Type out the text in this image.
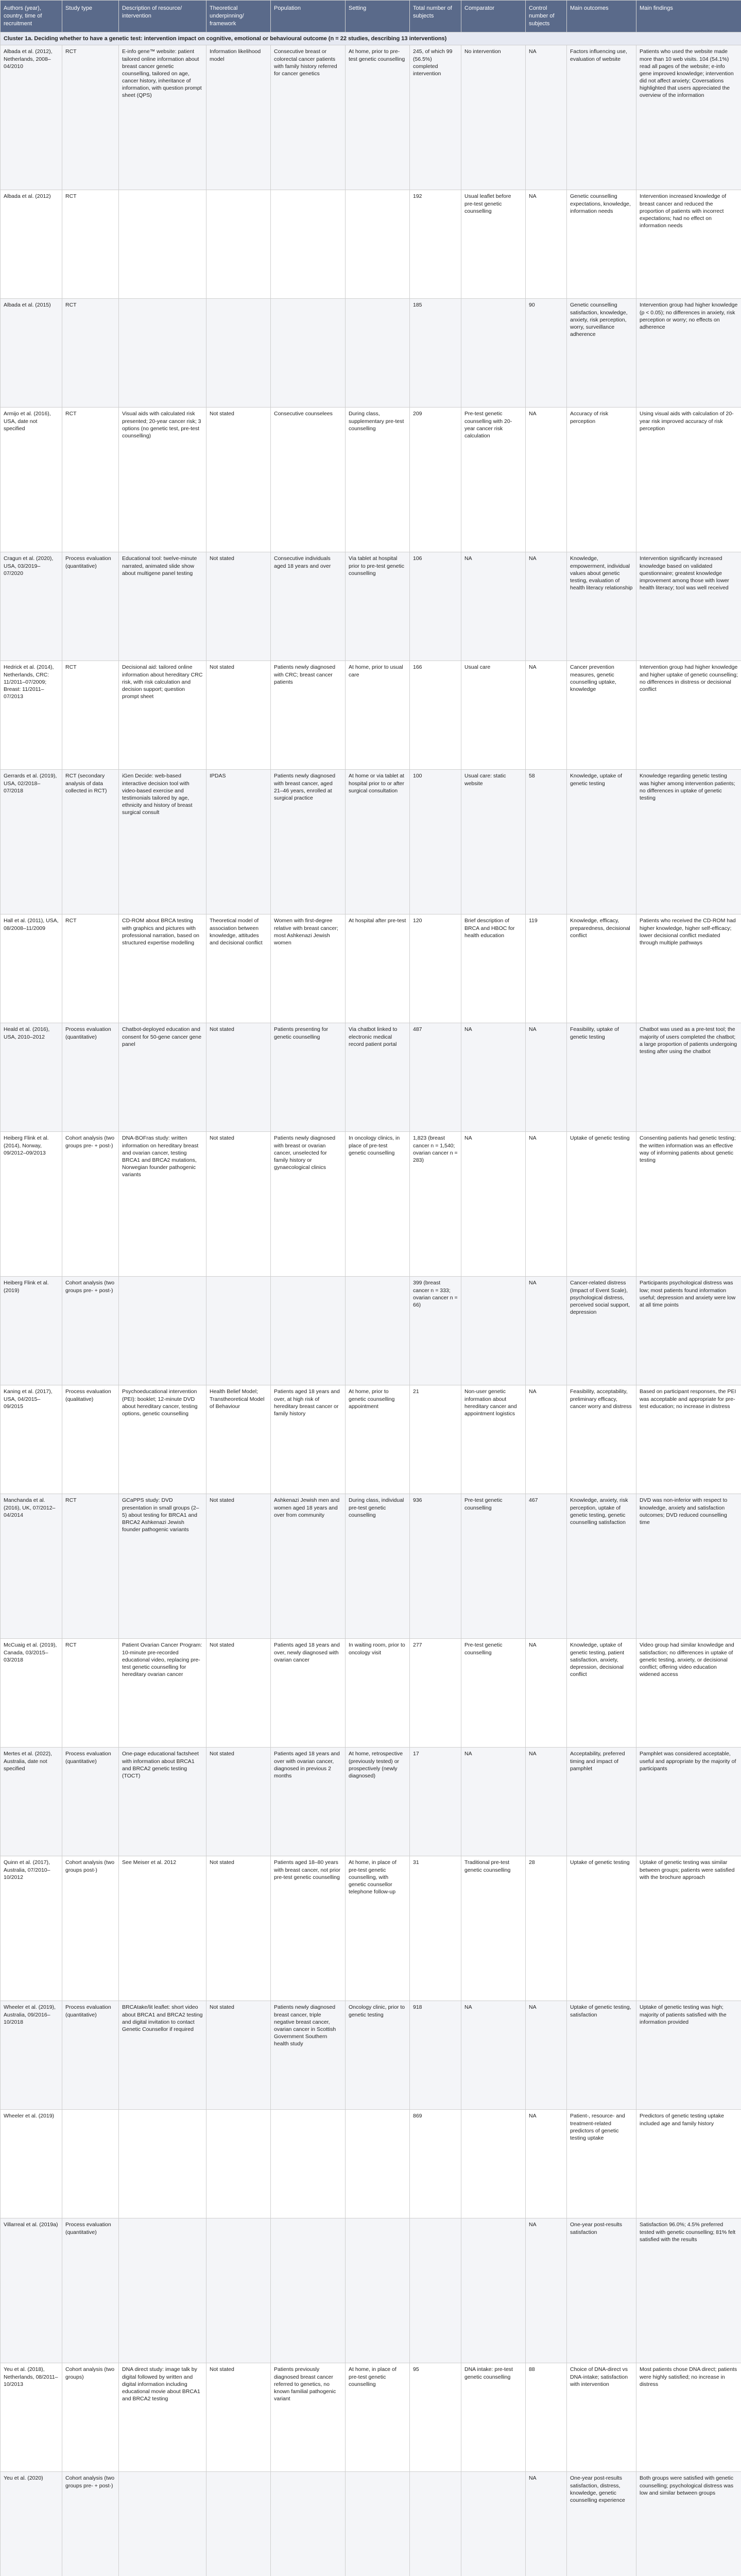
Authors (year), country, time of recruitment	Study type	Description of resource/ intervention	Theoretical underpinning/ framework	Population	Setting	Total number of subjects	Comparator	Control number of subjects	Main outcomes	Main findings
Cluster 1a. Deciding whether to have a genetic test: intervention impact on cognitive, emotional or behavioural outcome (n = 22 studies, describing 13 interventions)										
Albada et al. (2012), Netherlands, 2008–04/2010	RCT	E-info gene™ website: patient tailored online information about breast cancer genetic counselling, tailored on age, cancer history, inheritance of information, with question prompt sheet (QPS)	Information likelihood model	Consecutive breast or colorectal cancer patients with family history referred for cancer genetics	At home, prior to pre-test genetic counselling	245, of which 99 (56.5%) completed intervention	No intervention	NA	Factors influencing use, evaluation of website	Patients who used the website made more than 10 web visits. 104 (54.1%) read all pages of the website; e-info gene improved knowledge; intervention did not affect anxiety; Coversations highlighted that users appreciated the overview of the information
Albada et al. (2012)	RCT					192	Usual leaflet before pre-test genetic counselling	NA	Genetic counselling expectations, knowledge, information needs	Intervention increased knowledge of breast cancer and reduced the proportion of patients with incorrect expectations; had no effect on information needs
Albada et al. (2015)	RCT					185		90	Genetic counselling satisfaction, knowledge, anxiety, risk perception, worry, surveillance adherence	Intervention group had higher knowledge (p < 0.05); no differences in anxiety, risk perception or worry; no effects on adherence
Armijo et al. (2016), USA, date not specified	RCT	Visual aids with calculated risk presented; 20-year cancer risk; 3 options (no genetic test, pre-test counselling)	Not stated	Consecutive counselees	During class, supplementary pre-test counselling	209	Pre-test genetic counselling with 20-year cancer risk calculation	NA	Accuracy of risk perception	Using visual aids with calculation of 20-year risk improved accuracy of risk perception
Cragun et al. (2020), USA, 03/2019–07/2020	Process evaluation (quantitative)	Educational tool: twelve-minute narrated, animated slide show about multigene panel testing	Not stated	Consecutive individuals aged 18 years and over	Via tablet at hospital prior to pre-test genetic counselling	106	NA	NA	Knowledge, empowerment, individual values about genetic testing, evaluation of health literacy relationship	Intervention significantly increased knowledge based on validated questionnaire; greatest knowledge improvement among those with lower health literacy; tool was well received
Hedrick et al. (2014), Netherlands, CRC: 11/2011–07/2009; Breast: 11/2011–07/2013	RCT	Decisional aid: tailored online information about hereditary CRC risk, with risk calculation and decision support; question prompt sheet	Not stated	Patients newly diagnosed with CRC; breast cancer patients	At home, prior to usual care	166	Usual care	NA	Cancer prevention measures, genetic counselling uptake, knowledge	Intervention group had higher knowledge and higher uptake of genetic counselling; no differences in distress or decisional conflict
Gerrards et al. (2019), USA, 02/2018–07/2018	RCT (secondary analysis of data collected in RCT)	iGen Decide: web-based interactive decision tool with video-based exercise and testimonials tailored by age, ethnicity and history of breast surgical consult	IPDAS	Patients newly diagnosed with breast cancer, aged 21–46 years, enrolled at surgical practice	At home or via tablet at hospital prior to or after surgical consultation	100	Usual care: static website	58	Knowledge, uptake of genetic testing	Knowledge regarding genetic testing was higher among intervention patients; no differences in uptake of genetic testing
Hall et al. (2011), USA, 08/2008–11/2009	RCT	CD-ROM about BRCA testing with graphics and pictures with professional narration, based on structured expertise modelling	Theoretical model of association between knowledge, attitudes and decisional conflict	Women with first-degree relative with breast cancer; most Ashkenazi Jewish women	At hospital after pre-test	120	Brief description of BRCA and HBOC for health education	119	Knowledge, efficacy, preparedness, decisional conflict	Patients who received the CD-ROM had higher knowledge, higher self-efficacy; lower decisional conflict mediated through multiple pathways
Heald et al. (2016), USA, 2010–2012	Process evaluation (quantitative)	Chatbot-deployed education and consent for 50-gene cancer gene panel	Not stated	Patients presenting for genetic counselling	Via chatbot linked to electronic medical record patient portal	487	NA	NA	Feasibility, uptake of genetic testing	Chatbot was used as a pre-test tool; the majority of users completed the chatbot; a large proportion of patients undergoing testing after using the chatbot
Heiberg Flink et al. (2014), Norway, 09/2012–09/2013	Cohort analysis (two groups pre- + post-)	DNA-BOFras study: written information on hereditary breast and ovarian cancer, testing BRCA1 and BRCA2 mutations, Norwegian founder pathogenic variants	Not stated	Patients newly diagnosed with breast or ovarian cancer, unselected for family history or gynaecological clinics	In oncology clinics, in place of pre-test genetic counselling	1,823 (breast cancer n = 1,540; ovarian cancer n = 283)	NA	NA	Uptake of genetic testing	Consenting patients had genetic testing; the written information was an effective way of informing patients about genetic testing
Heiberg Flink et al. (2019)	Cohort analysis (two groups pre- + post-)					399 (breast cancer n = 333; ovarian cancer n = 66)		NA	Cancer-related distress (Impact of Event Scale), psychological distress, perceived social support, depression	Participants psychological distress was low; most patients found information useful; depression and anxiety were low at all time points
Kaning et al. (2017), USA, 04/2015–09/2015	Process evaluation (qualitative)	Psychoeducational intervention (PEI): booklet; 12-minute DVD about hereditary cancer, testing options, genetic counselling	Health Belief Model; Transtheoretical Model of Behaviour	Patients aged 18 years and over, at high risk of hereditary breast cancer or family history	At home, prior to genetic counselling appointment	21	Non-user genetic information about hereditary cancer and appointment logistics	NA	Feasibility, acceptability, preliminary efficacy, cancer worry and distress	Based on participant responses, the PEI was acceptable and appropriate for pre-test education; no increase in distress
Manchanda et al. (2016), UK, 07/2012–04/2014	RCT	GCaPPS study: DVD presentation in small groups (2–5) about testing for BRCA1 and BRCA2 Ashkenazi Jewish founder pathogenic variants	Not stated	Ashkenazi Jewish men and women aged 18 years and over from community	During class, individual pre-test genetic counselling	936	Pre-test genetic counselling	467	Knowledge, anxiety, risk perception, uptake of genetic testing, genetic counselling satisfaction	DVD was non-inferior with respect to knowledge, anxiety and satisfaction outcomes; DVD reduced counselling time
McCuaig et al. (2019), Canada, 03/2015–03/2018	RCT	Patient Ovarian Cancer Program: 10-minute pre-recorded educational video, replacing pre-test genetic counselling for hereditary ovarian cancer	Not stated	Patients aged 18 years and over, newly diagnosed with ovarian cancer	In waiting room, prior to oncology visit	277	Pre-test genetic counselling	NA	Knowledge, uptake of genetic testing, patient satisfaction, anxiety, depression, decisional conflict	Video group had similar knowledge and satisfaction; no differences in uptake of genetic testing, anxiety, or decisional conflict; offering video education widened access
Mertes et al. (2022), Australia, date not specified	Process evaluation (quantitative)	One-page educational factsheet with information about BRCA1 and BRCA2 genetic testing (TOCT)	Not stated	Patients aged 18 years and over with ovarian cancer, diagnosed in previous 2 months	At home, retrospective (previously tested) or prospectively (newly diagnosed)	17	NA	NA	Acceptability, preferred timing and impact of pamphlet	Pamphlet was considered acceptable, useful and appropriate by the majority of participants
Quinn et al. (2017), Australia, 07/2010–10/2012	Cohort analysis (two groups post-)	See Meiser et al. 2012	Not stated	Patients aged 18–80 years with breast cancer, not prior pre-test genetic counselling	At home, in place of pre-test genetic counselling, with genetic counsellor telephone follow-up	31	Traditional pre-test genetic counselling	28	Uptake of genetic testing	Uptake of genetic testing was similar between groups; patients were satisfied with the brochure approach
Wheeler et al. (2019), Australia, 09/2016–10/2018	Process evaluation (quantitative)	BRCAtake/lit leaflet: short video about BRCA1 and BRCA2 testing and digital invitation to contact Genetic Counsellor if required	Not stated	Patients newly diagnosed breast cancer, triple negative breast cancer, ovarian cancer in Scottish Government Southern health study	Oncology clinic, prior to genetic testing	918	NA	NA	Uptake of genetic testing, satisfaction	Uptake of genetic testing was high; majority of patients satisfied with the information provided
Wheeler et al. (2019)						869		NA	Patient-, resource- and treatment-related predictors of genetic testing uptake	Predictors of genetic testing uptake included age and family history
Villarreal et al. (2019a)	Process evaluation (quantitative)							NA	One-year post-results satisfaction	Satisfaction 96.0%; 4.5% preferred tested with genetic counselling; 81% felt satisfied with the results
Yeu et al. (2018), Netherlands, 08/2011–10/2013	Cohort analysis (two groups)	DNA direct study: image talk by digital followed by written and digital information including educational movie about BRCA1 and BRCA2 testing	Not stated	Patients previously diagnosed breast cancer referred to genetics, no known familial pathogenic variant	At home, in place of pre-test genetic counselling	95	DNA intake: pre-test genetic counselling	88	Choice of DNA-direct vs DNA-intake; satisfaction with intervention	Most patients chose DNA direct; patients were highly satisfied; no increase in distress
Yeu et al. (2020)	Cohort analysis (two groups pre- + post-)							NA	One-year post-results satisfaction, distress, knowledge, genetic counselling experience	Both groups were satisfied with genetic counselling; psychological distress was low and similar between groups
